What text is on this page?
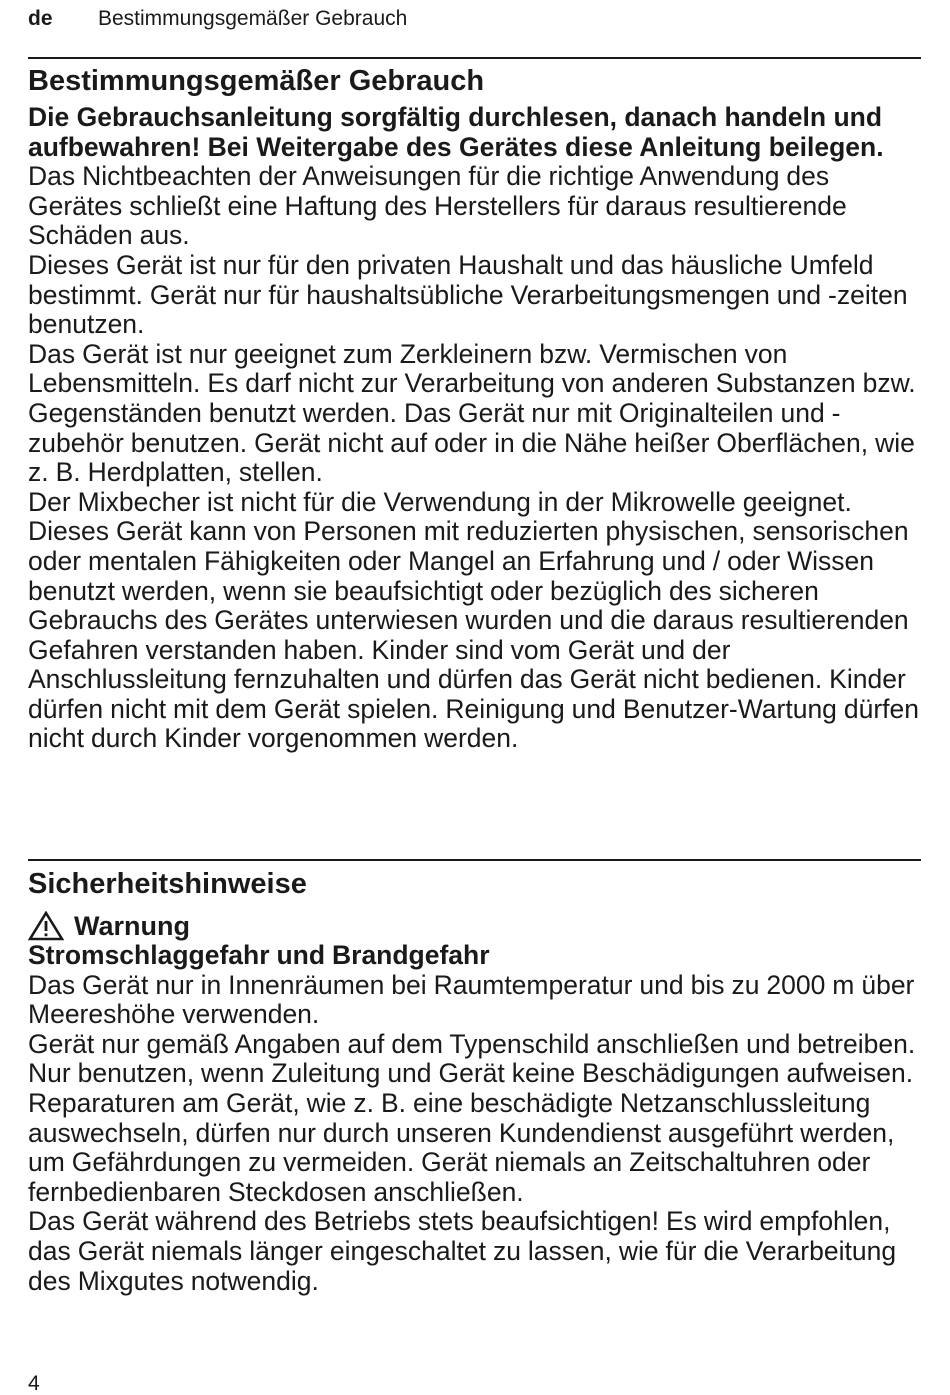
de Bestimmungsgemäßer Gebrauch
Bestimmungsgemäßer Gebrauch

Die Gebrauchsanleitung sorgfältig durchlesen, danach handeln und aufbewahren! Bei Weitergabe des Gerätes diese Anleitung beilegen.

Das Nichtbeachten der Anweisungen für die richtige Anwendung des Gerätes schließt eine Haftung des Herstellers für daraus resultierende Schäden aus.

Dieses Gerät ist nur für den privaten Haushalt und das häusliche Umfeld bestimmt. Gerät nur für haushaltsübliche Verarbeitungsmengen und -zeiten benutzen.

Das Gerät ist nur geeignet zum Zerkleinern bzw. Vermischen von Lebensmitteln. Es darf nicht zur Verarbeitung von anderen Substanzen bzw. Gegenständen benutzt werden. Das Gerät nur mit Originalteilen und -zubehör benutzen. Gerät nicht auf oder in die Nähe heißer Oberflächen, wie z. B. Herdplatten, stellen.

Der Mixbecher ist nicht für die Verwendung in der Mikrowelle geeignet.

Dieses Gerät kann von Personen mit reduzierten physischen, sensorischen oder mentalen Fähigkeiten oder Mangel an Erfahrung und / oder Wissen benutzt werden, wenn sie beaufsichtigt oder bezüglich des sicheren Gebrauchs des Gerätes unterwiesen wurden und die daraus resultierenden Gefahren verstanden haben. Kinder sind vom Gerät und der Anschlussleitung fernzuhalten und dürfen das Gerät nicht bedienen. Kinder dürfen nicht mit dem Gerät spielen. Reinigung und Benutzer-Wartung dürfen nicht durch Kinder vorgenommen werden.

Sicherheitshinweise
Warnung

Stromschlaggefahr und Brandgefahr

Das Gerät nur in Innenräumen bei Raumtemperatur und bis zu 2000 m über Meereshöhe verwenden.

Gerät nur gemäß Angaben auf dem Typenschild anschließen und betreiben. Nur benutzen, wenn Zuleitung und Gerät keine Beschädigungen aufweisen. Reparaturen am Gerät, wie z. B. eine beschädigte Netzanschlussleitung auswechseln, dürfen nur durch unseren Kundendienst ausgeführt werden, um Gefährdungen zu vermeiden. Gerät niemals an Zeitschaltuhren oder fernbedienbaren Steckdosen anschließen.

Das Gerät während des Betriebs stets beaufsichtigen! Es wird empfohlen, das Gerät niemals länger eingeschaltet zu lassen, wie für die Verarbeitung des Mixgutes notwendig.

4
